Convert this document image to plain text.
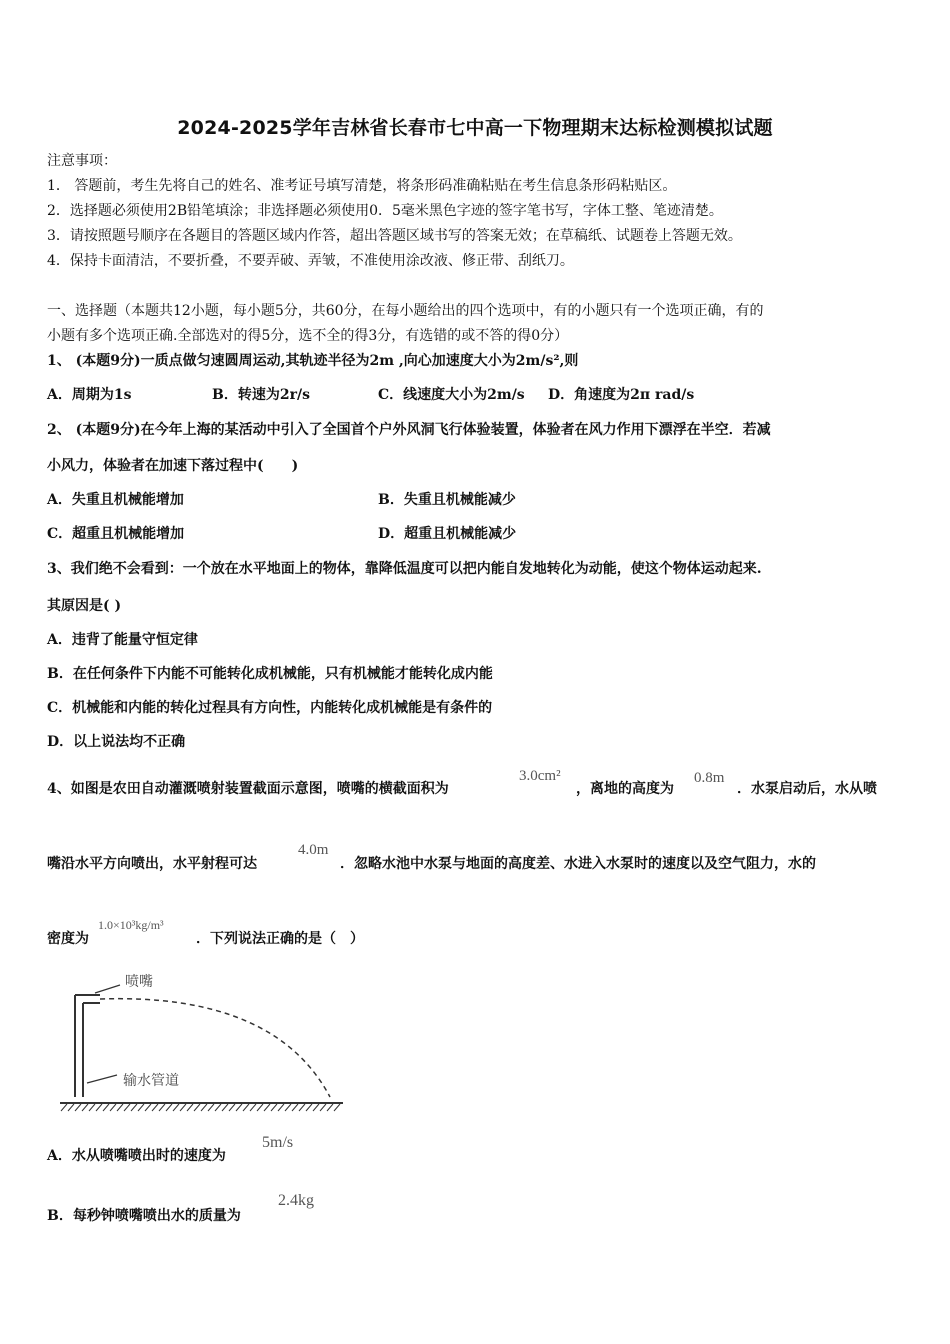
2024-2025学年吉林省长春市七中高一下物理期末达标检测模拟试题
注意事项：
1． 答题前，考生先将自己的姓名、准考证号填写清楚，将条形码准确粘贴在考生信息条形码粘贴区。
2．选择题必须使用2B铅笔填涂；非选择题必须使用0．5毫米黑色字迹的签字笔书写，字体工整、笔迹清楚。
3．请按照题号顺序在各题目的答题区域内作答，超出答题区域书写的答案无效；在草稿纸、试题卷上答题无效。
4．保持卡面清洁，不要折叠，不要弄破、弄皱，不准使用涂改液、修正带、刮纸刀。
一、选择题（本题共12小题，每小题5分，共60分，在每小题给出的四个选项中，有的小题只有一个选项正确，有的
小题有多个选项正确.全部选对的得5分，选不全的得3分，有选错的或不答的得0分）
1、 (本题9分)一质点做匀速圆周运动,其轨迹半径为2m ,向心加速度大小为2m/s²,则
A．周期为1s	B．转速为2r/s	C．线速度大小为2m/s D．角速度为2π rad/s
2、 (本题9分)在今年上海的某活动中引入了全国首个户外风洞飞行体验装置，体验者在风力作用下漂浮在半空．若减
小风力，体验者在加速下落过程中(　　)
A．失重且机械能增加	B．失重且机械能减少
C．超重且机械能增加	D．超重且机械能减少
3、我们绝不会看到：一个放在水平地面上的物体，靠降低温度可以把内能自发地转化为动能，使这个物体运动起来.
其原因是( )
A．违背了能量守恒定律
B．在任何条件下内能不可能转化成机械能，只有机械能才能转化成内能
C．机械能和内能的转化过程具有方向性，内能转化成机械能是有条件的
D．以上说法均不正确
4、如图是农田自动灌溉喷射装置截面示意图，喷嘴的横截面积为
3.0cm²
，离地的高度为
0.8m
．水泵启动后，水从喷
嘴沿水平方向喷出，水平射程可达
4.0m
．忽略水池中水泵与地面的高度差、水进入水泵时的速度以及空气阻力，水的
密度为
1.0×10³kg/m³
．下列说法正确的是（　）
喷嘴
输水管道
A．水从喷嘴喷出时的速度为
5m/s
B．每秒钟喷嘴喷出水的质量为
2.4kg
